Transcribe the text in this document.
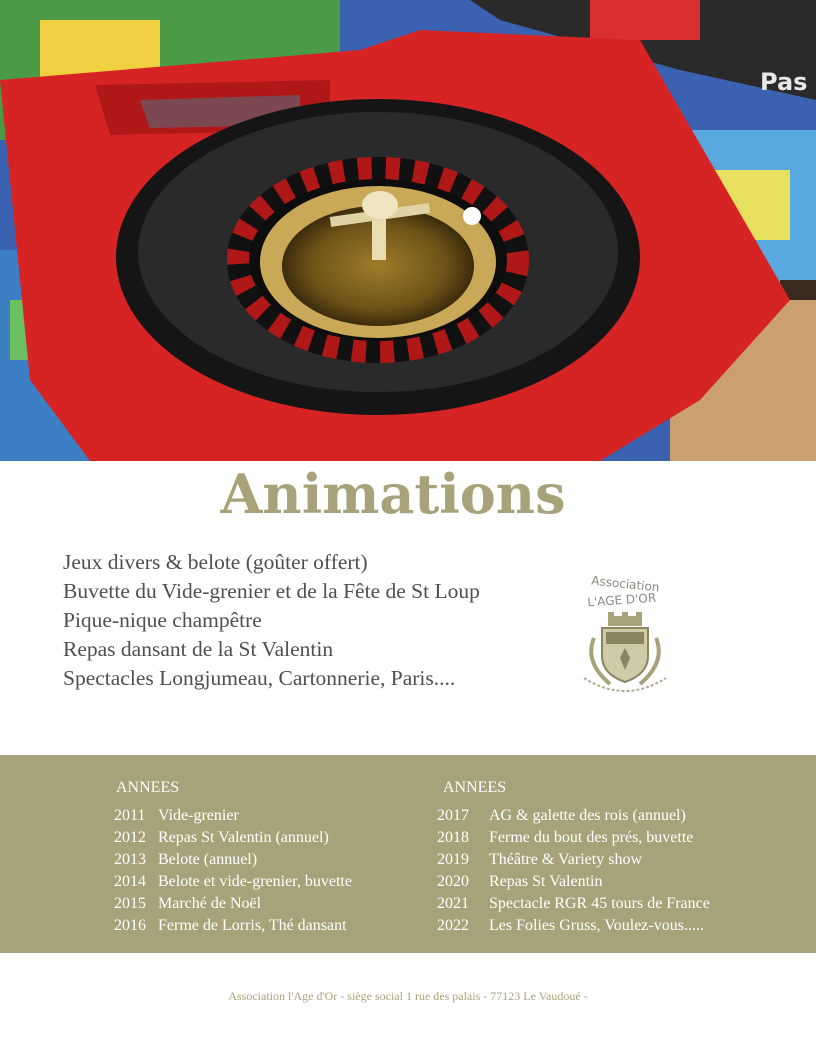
Pas
Animations
Jeux divers & belote (goûter offert)
Buvette du Vide-grenier et de la Fête de St Loup
Pique-nique champêtre
Repas dansant de la St Valentin
Spectacles Longjumeau, Cartonnerie, Paris....
Association
L'AGE D'OR
ANNEES
2011 Vide-grenier
2012 Repas St Valentin (annuel)
2013 Belote (annuel)
2014 Belote et vide-grenier, buvette
2015 Marché de Noël
2016 Ferme de Lorris, Thé dansant
ANNEES
2017 AG & galette des rois (annuel)
2018 Ferme du bout des prés, buvette
2019 Théâtre & Variety show
2020 Repas St Valentin
2021 Spectacle RGR 45 tours de France
2022 Les Folies Gruss, Voulez-vous.....
Association l'Age d'Or - siège social 1 rue des palais - 77123 Le Vaudoué -
